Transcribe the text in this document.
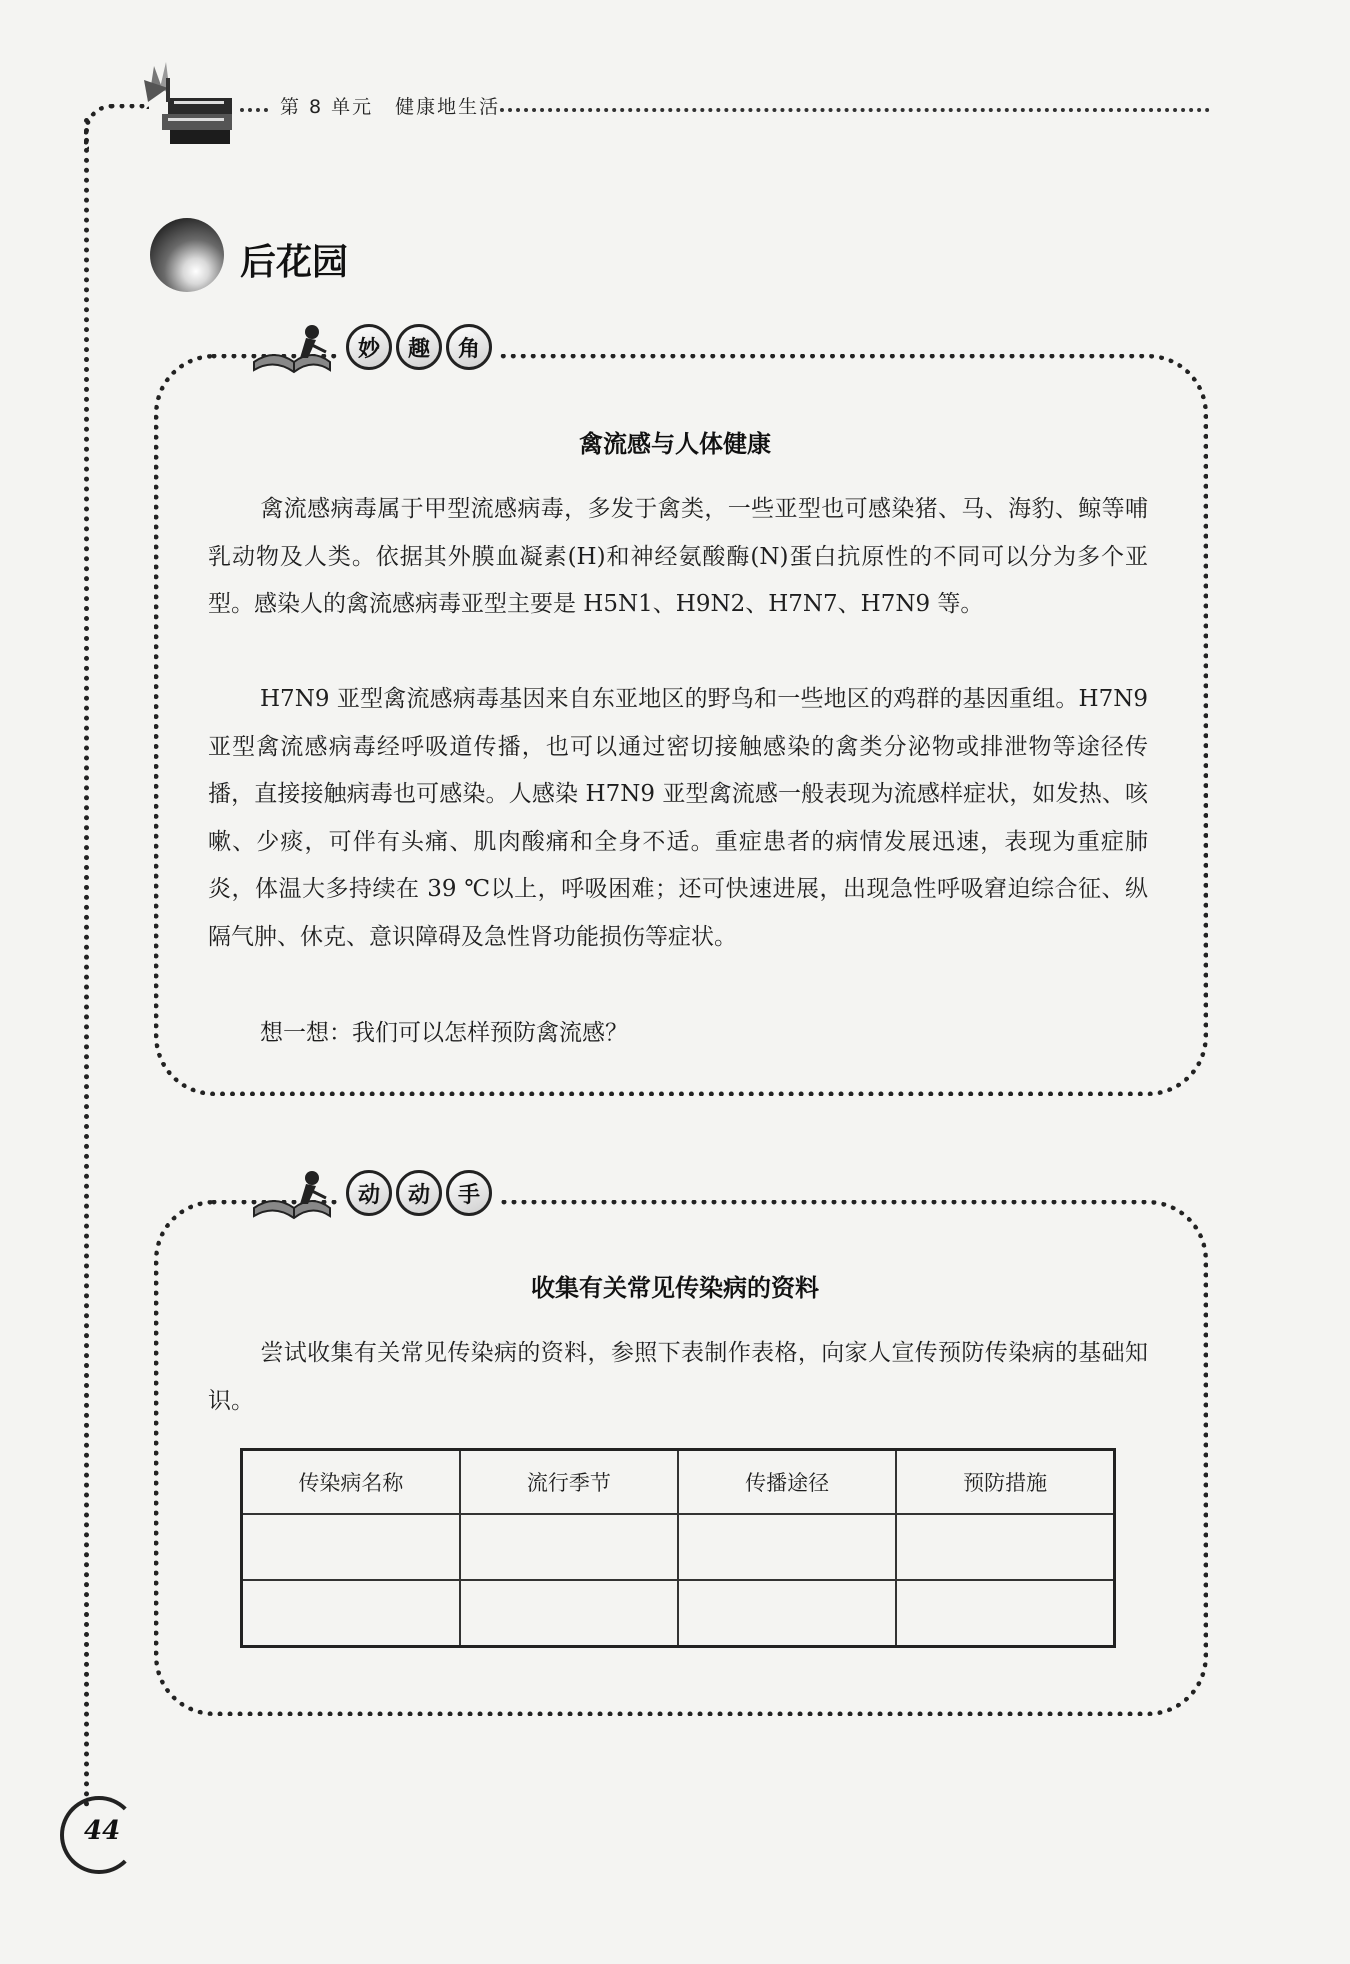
第 8 单元 健康地生活
后花园
妙	趣	角
禽流感与人体健康

禽流感病毒属于甲型流感病毒，多发于禽类，一些亚型也可感染猪、马、海豹、鲸等哺乳动物及人类。依据其外膜血凝素(H)和神经氨酸酶(N)蛋白抗原性的不同可以分为多个亚型。感染人的禽流感病毒亚型主要是 H5N1、H9N2、H7N7、H7N9 等。

H7N9 亚型禽流感病毒基因来自东亚地区的野鸟和一些地区的鸡群的基因重组。H7N9 亚型禽流感病毒经呼吸道传播，也可以通过密切接触感染的禽类分泌物或排泄物等途径传播，直接接触病毒也可感染。人感染 H7N9 亚型禽流感一般表现为流感样症状，如发热、咳嗽、少痰，可伴有头痛、肌肉酸痛和全身不适。重症患者的病情发展迅速，表现为重症肺炎，体温大多持续在 39 ℃以上，呼吸困难；还可快速进展，出现急性呼吸窘迫综合征、纵隔气肿、休克、意识障碍及急性肾功能损伤等症状。

想一想：我们可以怎样预防禽流感？

动	动	手
收集有关常见传染病的资料

尝试收集有关常见传染病的资料，参照下表制作表格，向家人宣传预防传染病的基础知识。

传染病名称	流行季节	传播途径	预防措施

44
